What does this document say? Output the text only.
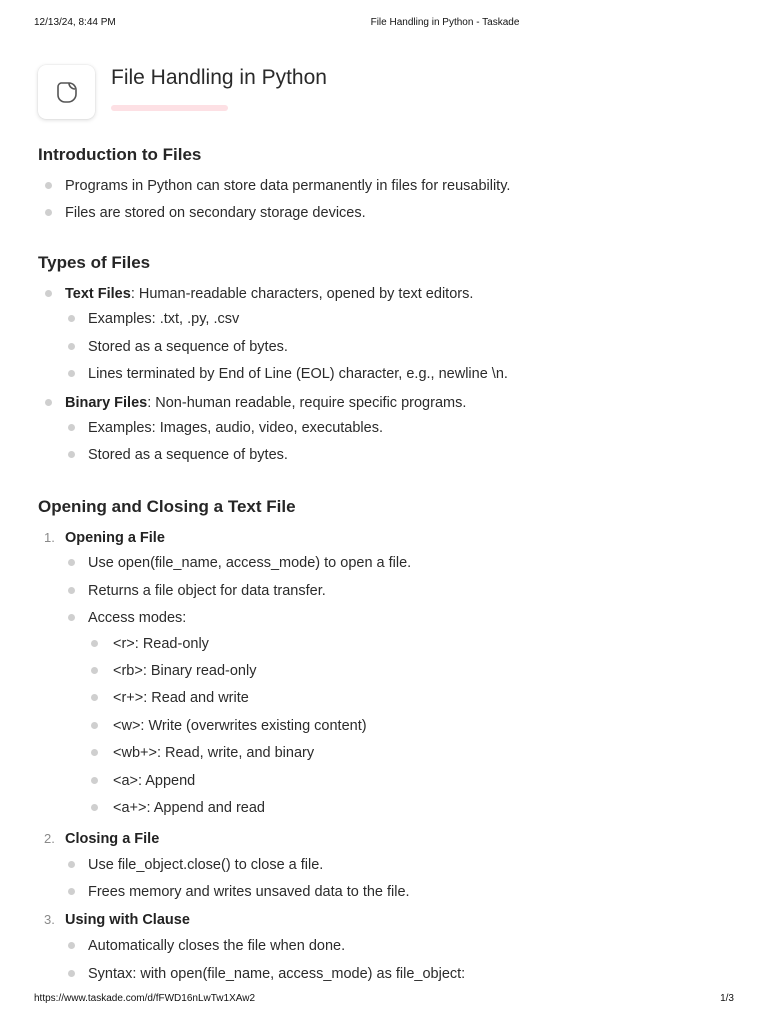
12/13/24, 8:44 PM	File Handling in Python - Taskade
https://www.taskade.com/d/fFWD16nLwTw1XAw2	1/3
File Handling in Python
Introduction to Files
Programs in Python can store data permanently in files for reusability.
Files are stored on secondary storage devices.
Types of Files
Text Files: Human-readable characters, opened by text editors.
Examples: .txt, .py, .csv
Stored as a sequence of bytes.
Lines terminated by End of Line (EOL) character, e.g., newline \n.
Binary Files: Non-human readable, require specific programs.
Examples: Images, audio, video, executables.
Stored as a sequence of bytes.
Opening and Closing a Text File
1. Opening a File
Use open(file_name, access_mode) to open a file.
Returns a file object for data transfer.
Access modes:
<r>: Read-only
<rb>: Binary read-only
<r+>: Read and write
<w>: Write (overwrites existing content)
<wb+>: Read, write, and binary
<a>: Append
<a+>: Append and read
2. Closing a File
Use file_object.close() to close a file.
Frees memory and writes unsaved data to the file.
3. Using with Clause
Automatically closes the file when done.
Syntax: with open(file_name, access_mode) as file_object:
